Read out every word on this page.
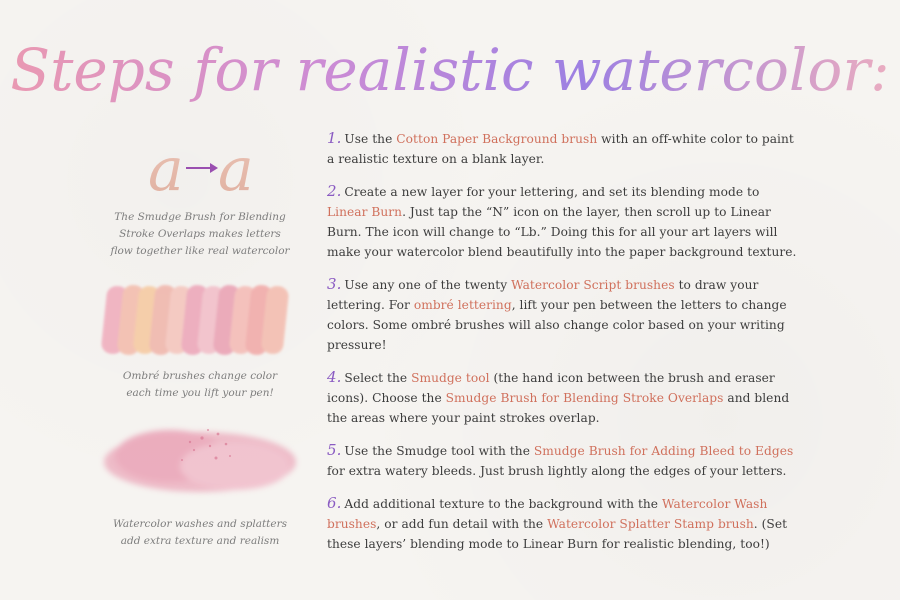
Steps for realistic watercolor:
a a
The Smudge Brush for Blending
Stroke Overlaps makes letters
flow together like real watercolor
Ombré brushes change color
each time you lift your pen!
Watercolor washes and splatters
add extra texture and realism
1. Use the Cotton Paper Background brush with an off-white color to paint a realistic texture on a blank layer.
2. Create a new layer for your lettering, and set its blending mode to Linear Burn. Just tap the “N” icon on the layer, then scroll up to Linear Burn. The icon will change to “Lb.” Doing this for all your art layers will make your watercolor blend beautifully into the paper background texture.
3. Use any one of the twenty Watercolor Script brushes to draw your lettering. For ombré lettering, lift your pen between the letters to change colors. Some ombré brushes will also change color based on your writing pressure!
4. Select the Smudge tool (the hand icon between the brush and eraser icons). Choose the Smudge Brush for Blending Stroke Overlaps and blend the areas where your paint strokes overlap.
5. Use the Smudge tool with the Smudge Brush for Adding Bleed to Edges for extra watery bleeds. Just brush lightly along the edges of your letters.
6. Add additional texture to the background with the Watercolor Wash brushes, or add fun detail with the Watercolor Splatter Stamp brush. (Set these layers’ blending mode to Linear Burn for realistic blending, too!)
